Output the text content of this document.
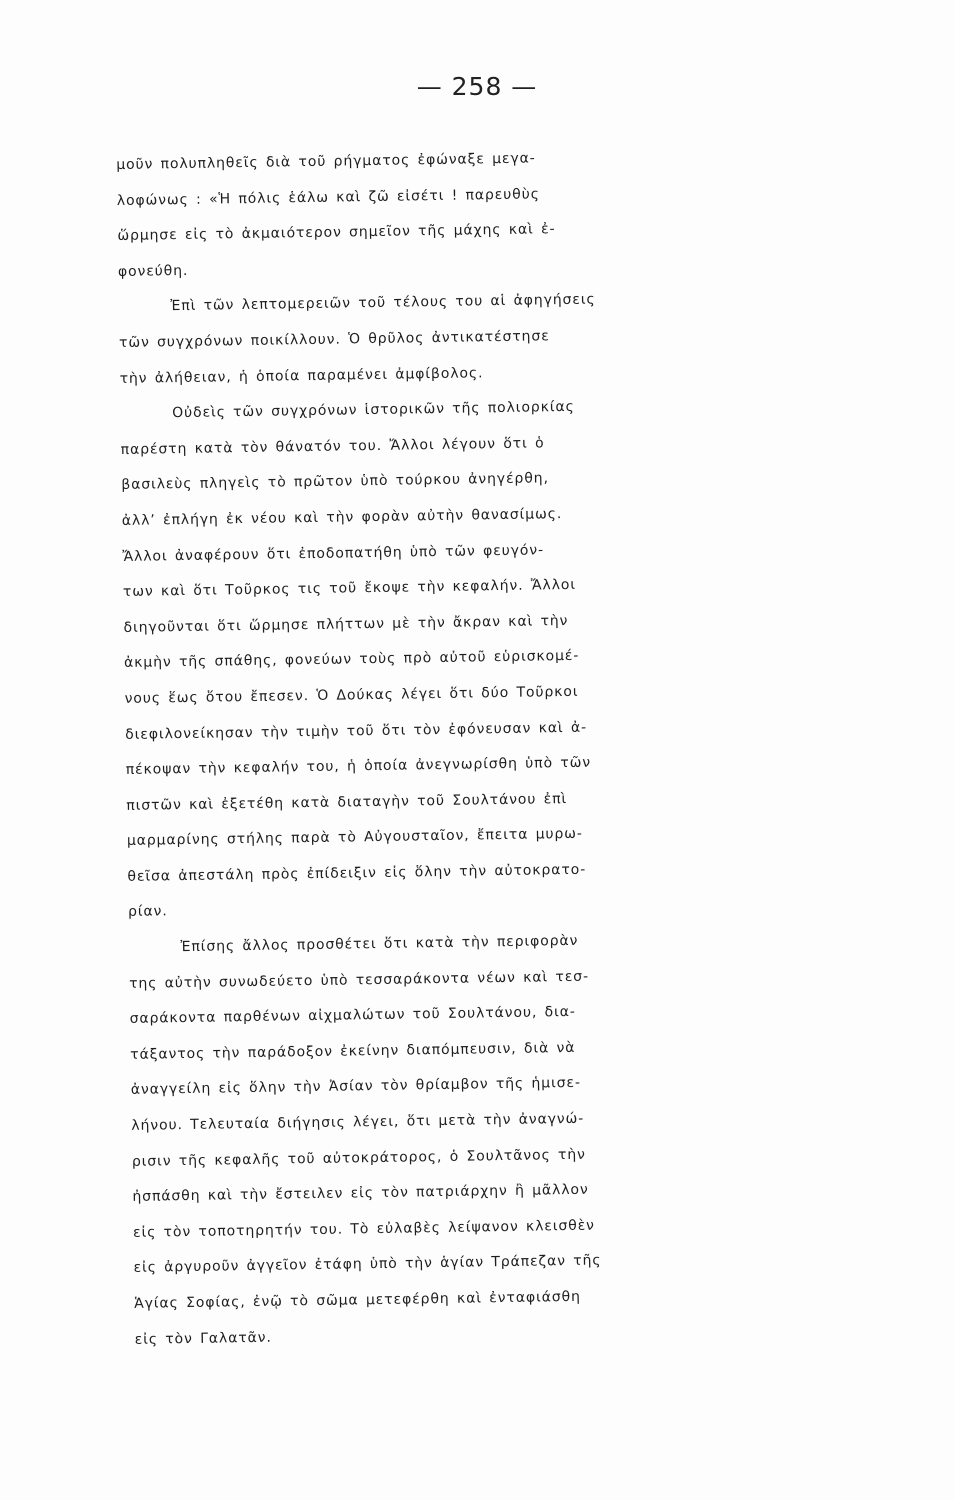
— 258 —
μοῦν πολυπληθεῖς διὰ τοῦ ρήγματος ἐφώναξε μεγα-
λοφώνως : «Ἡ πόλις ἑάλω καὶ ζῶ εἰσέτι ! παρευθὺς
ὥρμησε εἰς τὸ ἀκμαιότερον σημεῖον τῆς μάχης καὶ ἐ-
φονεύθη.
Ἐπὶ τῶν λεπτομερειῶν τοῦ τέλους του αἱ ἀφηγήσεις
τῶν συγχρόνων ποικίλλουν. Ὁ θρῦλος ἀντικατέστησε
τὴν ἀλήθειαν, ἡ ὁποία παραμένει ἀμφίβολος.
Οὐδεὶς τῶν συγχρόνων ἱστορικῶν τῆς πολιορκίας
παρέστη κατὰ τὸν θάνατόν του. Ἄλλοι λέγουν ὅτι ὁ
βασιλεὺς πληγεὶς τὸ πρῶτον ὑπὸ τούρκου ἀνηγέρθη,
ἀλλ’ ἐπλήγη ἐκ νέου καὶ τὴν φορὰν αὐτὴν θανασίμως.
Ἄλλοι ἀναφέρουν ὅτι ἐποδοπατήθη ὑπὸ τῶν φευγόν-
των καὶ ὅτι Τοῦρκος τις τοῦ ἔκοψε τὴν κεφαλήν. Ἄλλοι
διηγοῦνται ὅτι ὥρμησε πλήττων μὲ τὴν ἄκραν καὶ τὴν
ἀκμὴν τῆς σπάθης, φονεύων τοὺς πρὸ αὐτοῦ εὑρισκομέ-
νους ἕως ὅτου ἔπεσεν. Ὁ Δούκας λέγει ὅτι δύο Τοῦρκοι
διεφιλονείκησαν τὴν τιμὴν τοῦ ὅτι τὸν ἐφόνευσαν καὶ ἀ-
πέκοψαν τὴν κεφαλήν του, ἡ ὁποία ἀνεγνωρίσθη ὑπὸ τῶν
πιστῶν καὶ ἐξετέθη κατὰ διαταγὴν τοῦ Σουλτάνου ἐπὶ
μαρμαρίνης στήλης παρὰ τὸ Αὐγουσταῖον, ἔπειτα μυρω-
θεῖσα ἀπεστάλη πρὸς ἐπίδειξιν εἰς ὅλην τὴν αὐτοκρατο-
ρίαν.
Ἐπίσης ἄλλος προσθέτει ὅτι κατὰ τὴν περιφορὰν
της αὐτὴν συνωδεύετο ὑπὸ τεσσαράκοντα νέων καὶ τεσ-
σαράκοντα παρθένων αἰχμαλώτων τοῦ Σουλτάνου, δια-
τάξαντος τὴν παράδοξον ἐκείνην διαπόμπευσιν, διὰ νὰ
ἀναγγείλη εἰς ὅλην τὴν Ἀσίαν τὸν θρίαμβον τῆς ἡμισε-
λήνου. Τελευταία διήγησις λέγει, ὅτι μετὰ τὴν ἀναγνώ-
ρισιν τῆς κεφαλῆς τοῦ αὐτοκράτορος, ὁ Σουλτᾶνος τὴν
ἠσπάσθη καὶ τὴν ἔστειλεν εἰς τὸν πατριάρχην ἢ μᾶλλον
εἰς τὸν τοποτηρητήν του. Τὸ εὐλαβὲς λείψανον κλεισθὲν
εἰς ἀργυροῦν ἀγγεῖον ἐτάφη ὑπὸ τὴν ἁγίαν Τράπεζαν τῆς
Ἁγίας Σοφίας, ἐνῷ τὸ σῶμα μετεφέρθη καὶ ἐνταφιάσθη
εἰς τὸν Γαλατᾶν.
